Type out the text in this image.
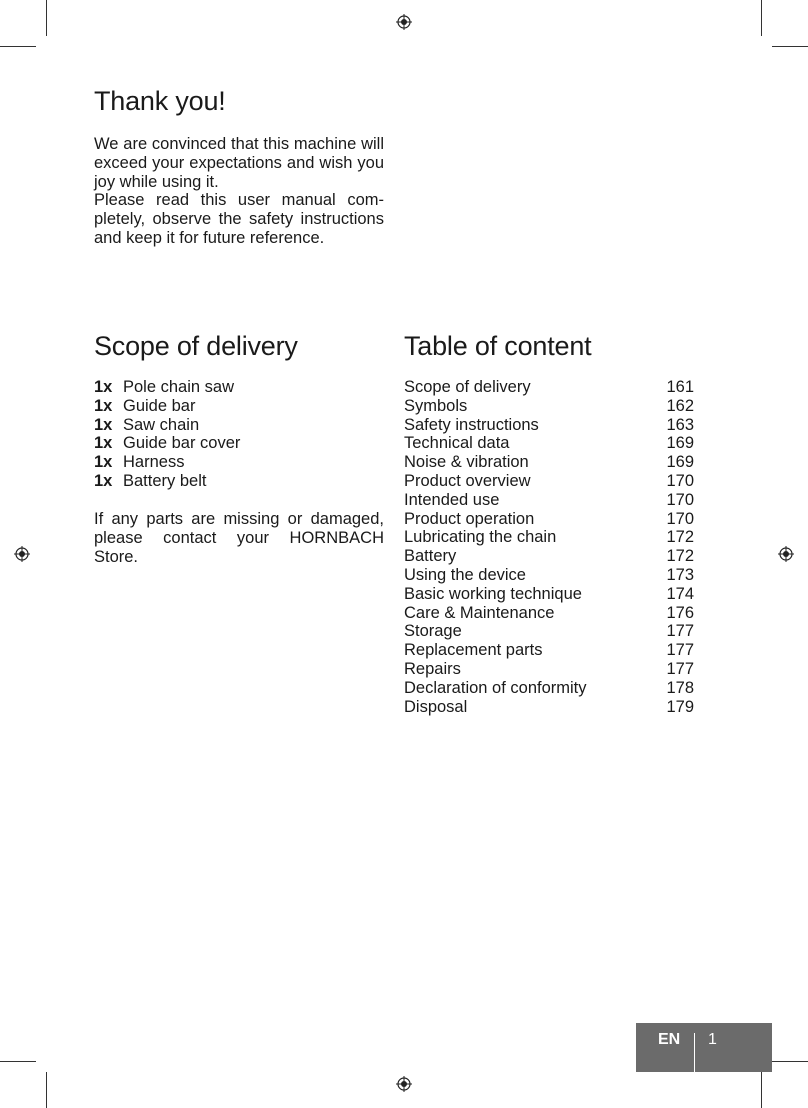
Thank you!

We are convinced that this machine will exceed your expectations and wish you joy while using it.

Please read this user manual completely, observe the safety instructions and keep it for future reference.

Scope of delivery
1x Pole chain saw
1x Guide bar
1x Saw chain
1x Guide bar cover
1x Harness
1x Battery belt

If any parts are missing or damaged, please contact your HORNBACH Store.

Table of content
Scope of delivery	161
Symbols	162
Safety instructions	163
Technical data	169
Noise & vibration	169
Product overview	170
Intended use	170
Product operation	170
Lubricating the chain	172
Battery	172
Using the device	173
Basic working technique	174
Care & Maintenance	176
Storage	177
Replacement parts	177
Repairs	177
Declaration of conformity	178
Disposal	179
EN 1
